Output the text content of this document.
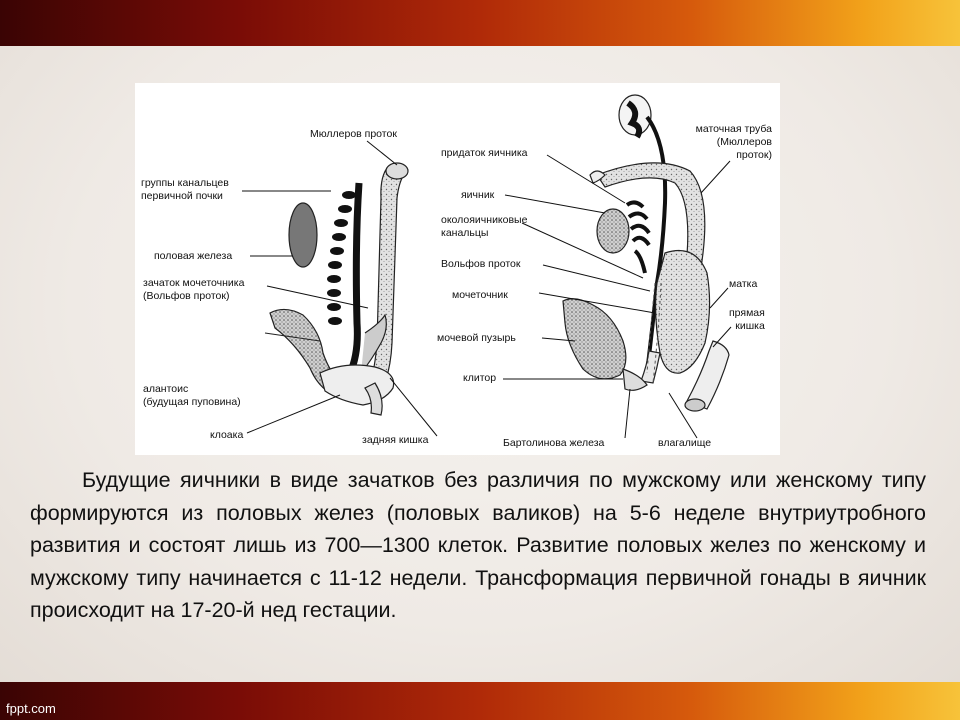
fppt.com
Мюллеров проток
группы канальцев
первичной почки
половая железа
зачаток мочеточника
(Вольфов проток)
алантоис
(будущая пуповина)
клоака	задняя кишка
придаток яичника
яичник
околояичниковые
канальцы
Вольфов проток
мочеточник
мочевой пузырь
клитор
Бартолинова железа
маточная труба
(Мюллеров
проток)
матка
прямая
кишка
влагалище
Будущие яичники в виде зачатков без различия по мужскому или женскому типу формируются из половых желез (половых валиков) на 5-6 неделе внутриутробного развития и состоят лишь из 700—1300 клеток. Развитие половых желез по женскому и мужскому типу начинается с 11-12 недели. Трансформация первичной гонады в яичник происходит на 17-20-й нед гестации.
